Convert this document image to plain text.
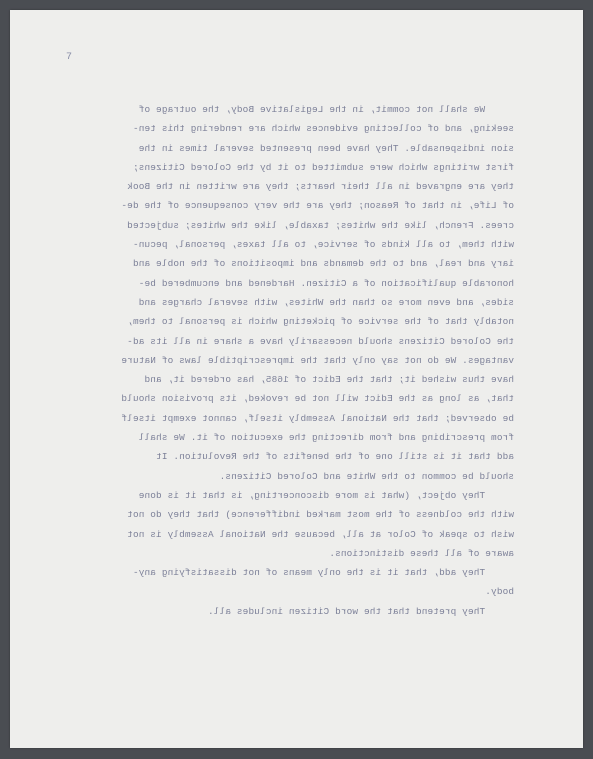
7
We shall not commit, in the Legislative Body, the outrage of
seeking, and of collecting evidences which are rendering this ten-
sion indispensable. They have been presented several times in the
first writings which were submitted to it by the Colored Citizens;
they are engraved in all their hearts; they are written in the Book
of Life, in that of Reason; they are the very consequence of the de-
crees. French, like the whites; taxable, like the whites; subjected
with them, to all kinds of service, to all taxes, personal, pecun-
iary and real, and to the demands and impositions of the noble and
honorable qualification of a Citizen. Hardened and encumbered be-
sides, and even more so than the Whites, with several charges and
notably that of the service of picketing which is personal to them,
the Colored Citizens should necessarily have a share in all its ad-
vantages. We do not say only that the imprescriptible laws of Nature
have thus wished it; that the Edict of 1685, has ordered it, and
that, as long as the Edict will not be revoked, its provision should
be observed; that the National Assembly itself, cannot exempt itself
from prescribing and from directing the execution of it. We shall
add that it is still one of the benefits of the Revolution. It
should be common to the White and Colored Citizens.
They object, (what is more disconcerting, is that it is done
with the coldness of the most marked indifference) that they do not
wish to speak of Color at all, because the National Assembly is not
aware of all these distinctions.
They add, that it is the only means of not dissatisfying any-
body.
They pretend that the word Citizen includes all.
